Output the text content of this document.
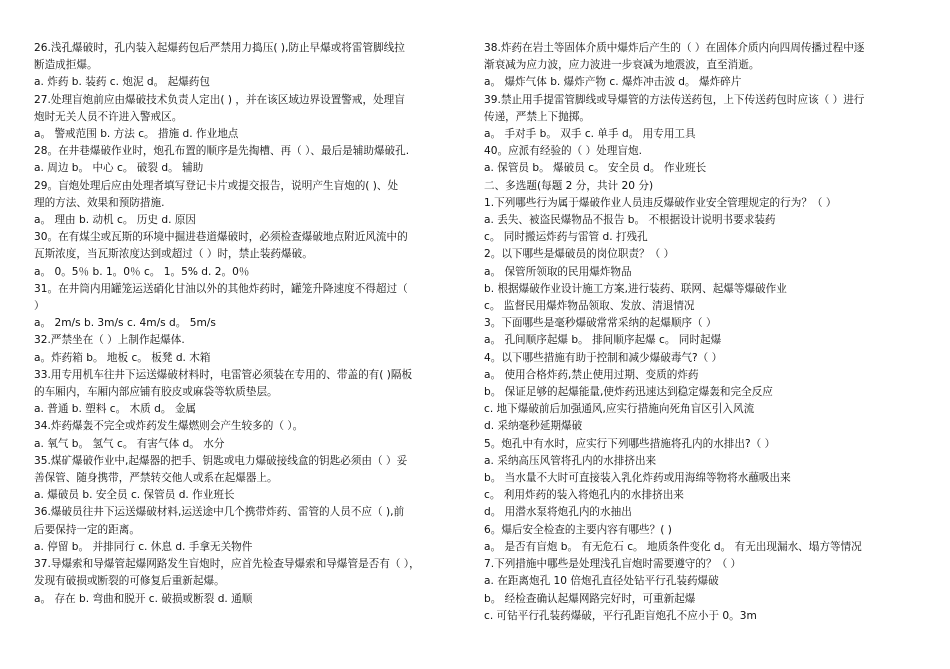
26.浅孔爆破时，孔内装入起爆药包后严禁用力捣压( ),防止早爆或将雷管脚线拉
断造成拒爆。
a. 炸药 b. 装药 c. 炮泥 d。 起爆药包
27.处理盲炮前应由爆破技术负责人定出( ) ，并在该区域边界设置警戒，处理盲
炮时无关人员不许进入警戒区。
a。 警戒范围 b. 方法 c。 措施 d. 作业地点
28。在井巷爆破作业时，炮孔布置的顺序是先掏槽、再（ ）、最后是辅助爆破孔.
a. 周边 b。 中心 c。 破裂 d。 辅助
29。盲炮处理后应由处理者填写登记卡片或提交报告，说明产生盲炮的( )、处
理的方法、效果和预防措施.
a。 理由 b. 动机 c。 历史 d. 原因
30。在有煤尘或瓦斯的环境中掘进巷道爆破时，必须检查爆破地点附近风流中的
瓦斯浓度，当瓦斯浓度达到或超过（ ）时，禁止装药爆破。
a。 0。5％ b. 1。0％ c。 1。5% d. 2。0％
31。在井筒内用罐笼运送硝化甘油以外的其他炸药时，罐笼升降速度不得超过（
）
a。 2m/s b. 3m/s c. 4m/s d。 5m/s
32.严禁坐在（ ）上制作起爆体.
a。炸药箱 b。 地板 c。 板凳 d. 木箱
33.用专用机车往井下运送爆破材料时，电雷管必须装在专用的、带盖的有( )隔板
的车厢内，车厢内部应铺有胶皮或麻袋等软质垫层。
a. 普通 b. 塑料 c。 木质 d。 金属
34.炸药爆轰不完全或炸药发生爆燃则会产生较多的（ ）。
a. 氧气 b。 氢气 c。 有害气体 d。 水分
35.煤矿爆破作业中,起爆器的把手、钥匙或电力爆破接线盒的钥匙必须由（ ）妥
善保管、随身携带，严禁转交他人或系在起爆器上。
a. 爆破员 b. 安全员 c. 保管员 d. 作业班长
36.爆破员往井下运送爆破材料,运送途中几个携带炸药、雷管的人员不应（ ),前
后要保持一定的距离。
a. 停留 b。 并排同行 c. 休息 d. 手拿无关物件
37.导爆索和导爆管起爆网路发生盲炮时，应首先检查导爆索和导爆管是否有（ ），
发现有破损或断裂的可修复后重新起爆。
a。 存在 b. 弯曲和脱开 c. 破损或断裂 d. 通顺
38.炸药在岩土等固体介质中爆炸后产生的（ ）在固体介质内向四周传播过程中逐
渐衰减为应力波，应力波进一步衰减为地震波，直至消逝。
a。 爆炸气体 b. 爆炸产物 c. 爆炸冲击波 d。 爆炸碎片
39.禁止用手提雷管脚线或导爆管的方法传送药包，上下传送药包时应该（ ）进行
传递，严禁上下抛掷。
a。 手对手 b。 双手 c. 单手 d。 用专用工具
40。应派有经验的（ ）处理盲炮.
a. 保管员 b。 爆破员 c。 安全员 d。 作业班长
二、多选题(每题 2 分，共计 20 分)
1.下列哪些行为属于爆破作业人员违反爆破作业安全管理规定的行为？（ ）
a. 丢失、被盗民爆物品不报告 b。 不根据设计说明书要求装药
c。 同时搬运炸药与雷管 d. 打残孔
2。以下哪些是爆破员的岗位职责？（ ）
a。 保管所领取的民用爆炸物品
b. 根据爆破作业设计施工方案,进行装药、联网、起爆等爆破作业
c。 监督民用爆炸物品领取、发放、清退情况
3。下面哪些是毫秒爆破常常采纳的起爆顺序（ ）
a。 孔间顺序起爆 b。 排间顺序起爆 c。 同时起爆
4。以下哪些措施有助于控制和减少爆破毒气?（ ）
a。 使用合格炸药,禁止使用过期、变质的炸药
b。 保证足够的起爆能量,使炸药迅速达到稳定爆轰和完全反应
c. 地下爆破前后加强通风,应实行措施向死角盲区引入风流
d. 采纳毫秒延期爆破
5。炮孔中有水时，应实行下列哪些措施将孔内的水排出?（ ）
a. 采纳高压风管将孔内的水排挤出来
b。 当水量不大时可直接装入乳化炸药或用海绵等物将水蘸吸出来
c。 利用炸药的装入将炮孔内的水排挤出来
d。 用潜水泵将炮孔内的水抽出
6。爆后安全检查的主要内容有哪些？( )
a。 是否有盲炮 b。 有无危石 c。 地质条件变化 d。 有无出现漏水、塌方等情况
7.下列措施中哪些是处理浅孔盲炮时需要遵守的？（ ）
a. 在距离炮孔 10 倍炮孔直径处钻平行孔装药爆破
b。 经检查确认起爆网路完好时，可重新起爆
c. 可钻平行孔装药爆破，平行孔距盲炮孔不应小于 0。3m
